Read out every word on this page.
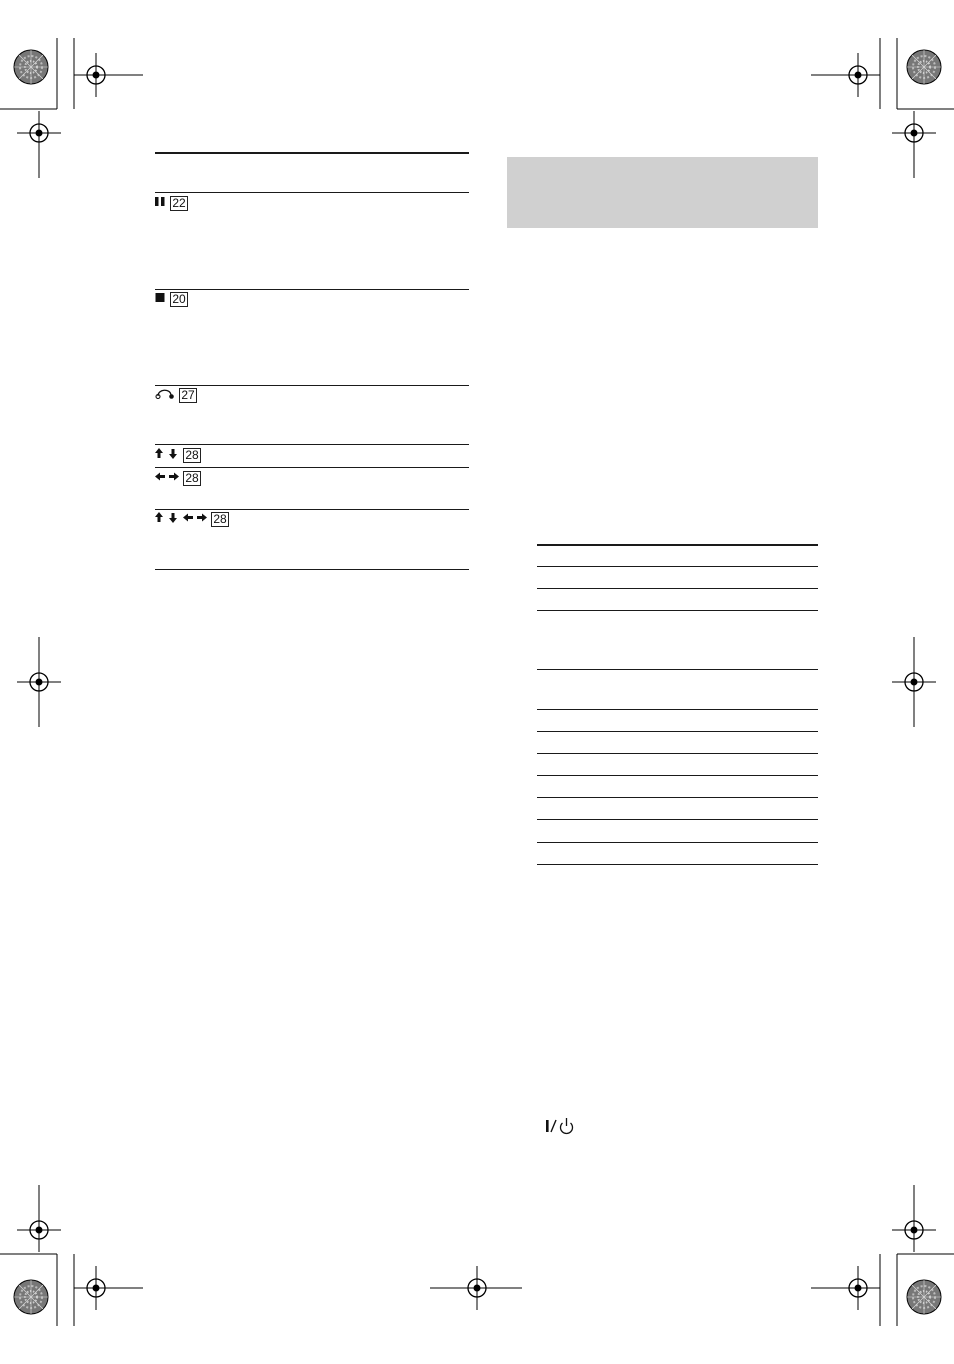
22
20
27
28
28
28
